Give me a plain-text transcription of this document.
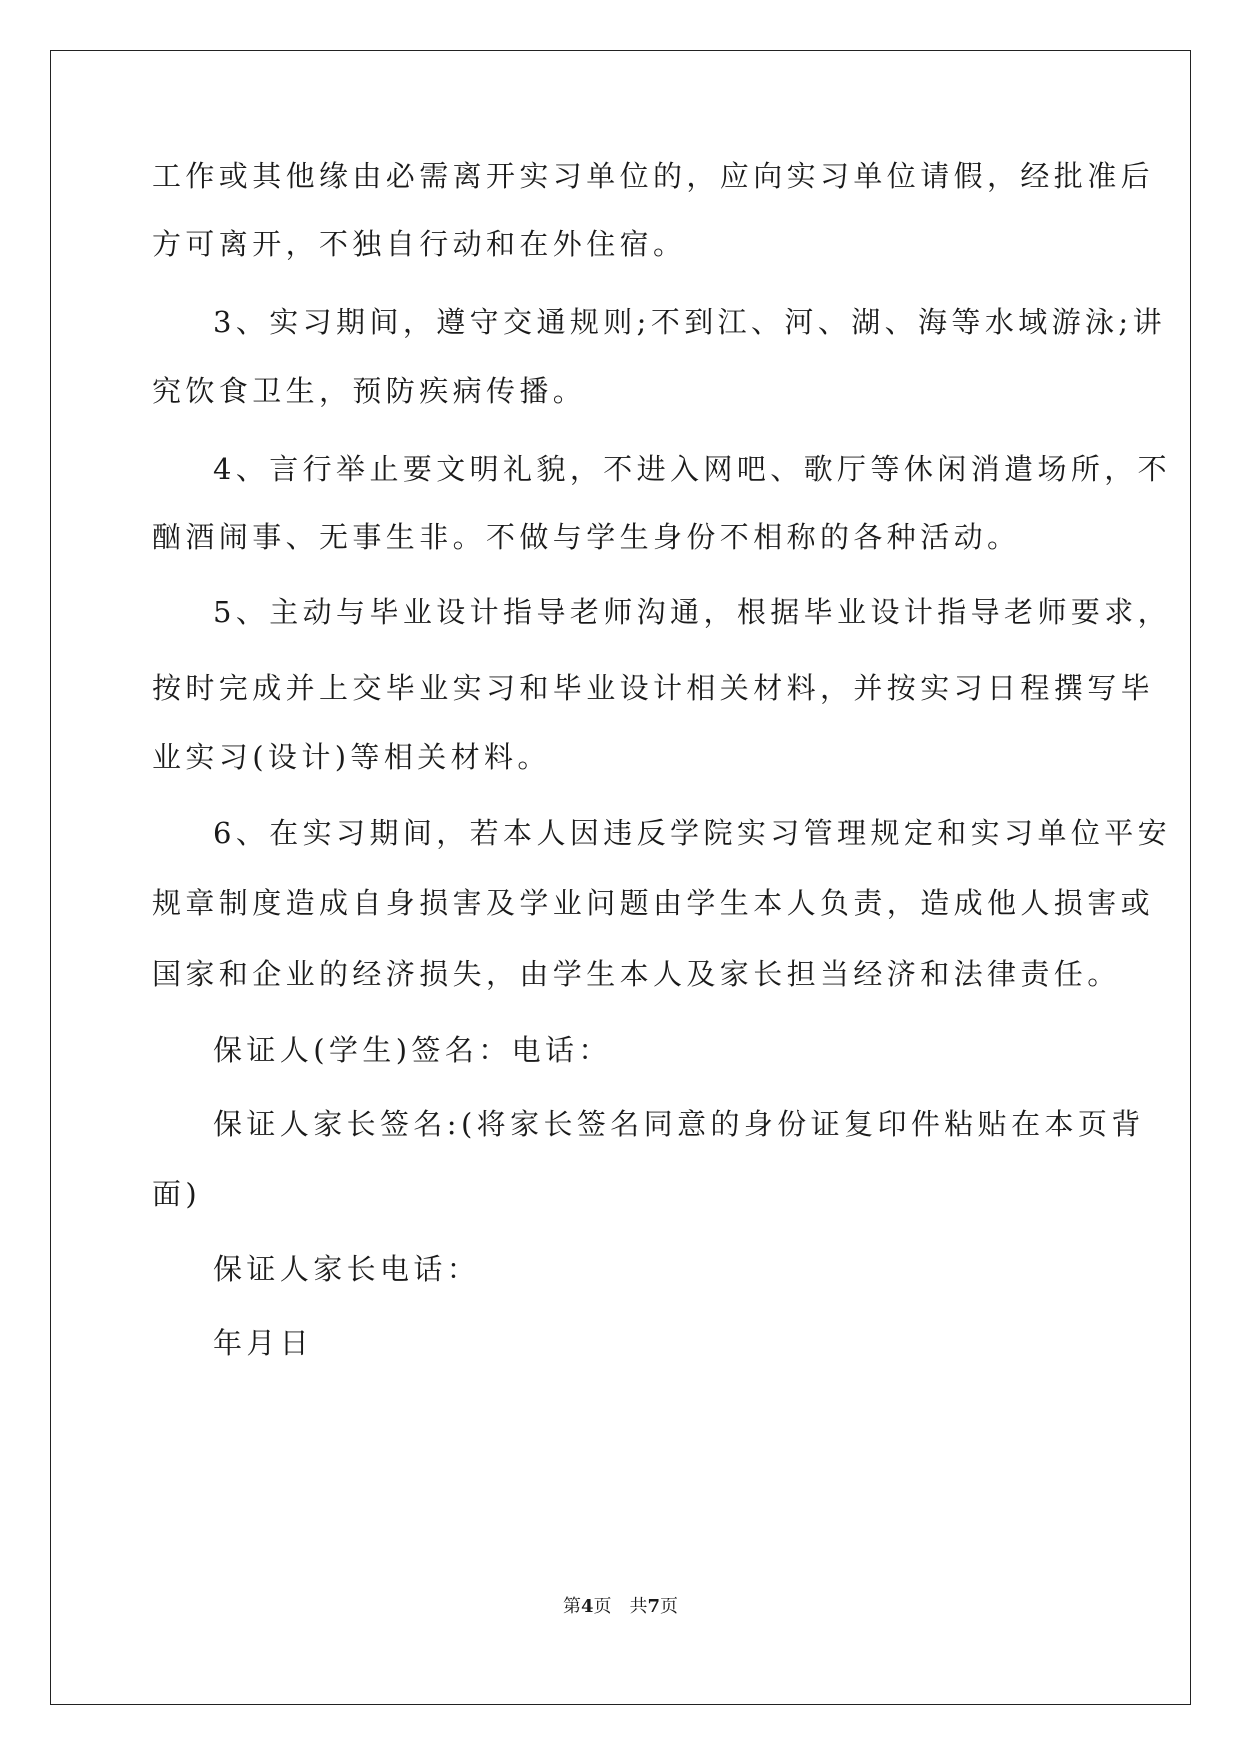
工作或其他缘由必需离开实习单位的，应向实习单位请假，经批准后
方可离开，不独自行动和在外住宿。
3、实习期间，遵守交通规则;不到江、河、湖、海等水域游泳;讲
究饮食卫生，预防疾病传播。
4、言行举止要文明礼貌，不进入网吧、歌厅等休闲消遣场所，不
酗酒闹事、无事生非。不做与学生身份不相称的各种活动。
5、主动与毕业设计指导老师沟通，根据毕业设计指导老师要求，
按时完成并上交毕业实习和毕业设计相关材料，并按实习日程撰写毕
业实习(设计)等相关材料。
6、在实习期间，若本人因违反学院实习管理规定和实习单位平安
规章制度造成自身损害及学业问题由学生本人负责，造成他人损害或
国家和企业的经济损失，由学生本人及家长担当经济和法律责任。
保证人(学生)签名：电话：
保证人家长签名:(将家长签名同意的身份证复印件粘贴在本页背
面)
保证人家长电话：
年月日
第4页　共7页
